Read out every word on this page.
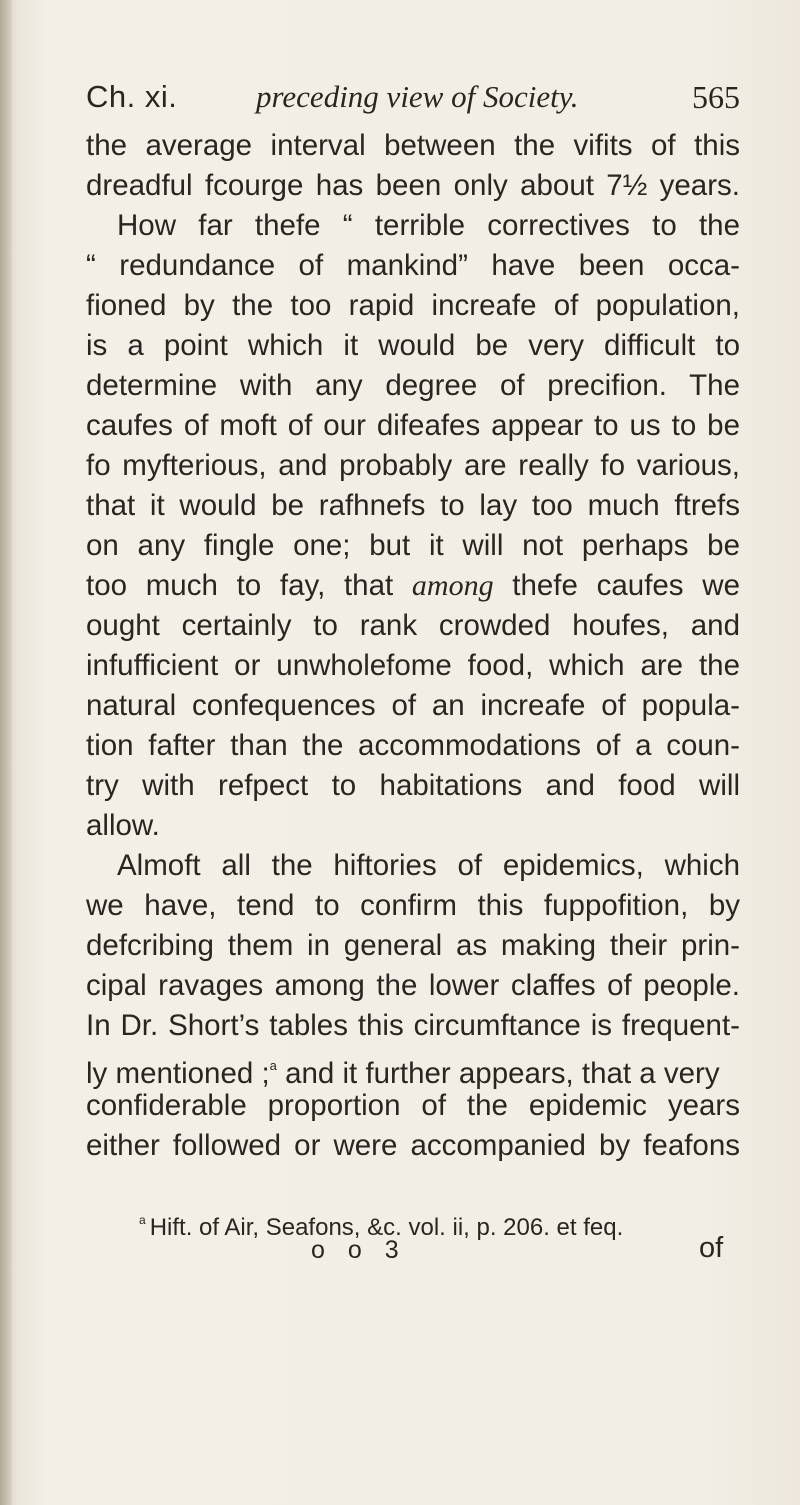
Ch. xi.	preceding view of Society.	565
the average interval between the vifits of this
dreadful fcourge has been only about 7½ years.
How far thefe “ terrible correctives to the
“ redundance of mankind” have been occa-
fioned by the too rapid increafe of population,
is a point which it would be very difficult to
determine with any degree of precifion. The
caufes of moft of our difeafes appear to us to be
fo myfterious, and probably are really fo various,
that it would be rafhnefs to lay too much ftrefs
on any fingle one; but it will not perhaps be
too much to fay, that among thefe caufes we
ought certainly to rank crowded houfes, and
infufficient or unwholefome food, which are the
natural confequences of an increafe of popula-
tion fafter than the accommodations of a coun-
try with refpect to habitations and food will
allow.
Almoft all the hiftories of epidemics, which
we have, tend to confirm this fuppofition, by
defcribing them in general as making their prin-
cipal ravages among the lower claffes of people.
In Dr. Short’s tables this circumftance is frequent-
ly mentioned ;$^a$ and it further appears, that a very
confiderable proportion of the epidemic years
either followed or were accompanied by feafons
$^a$ Hift. of Air, Seafons, &c. vol. ii, p. 206. et feq.
o o 3	of
